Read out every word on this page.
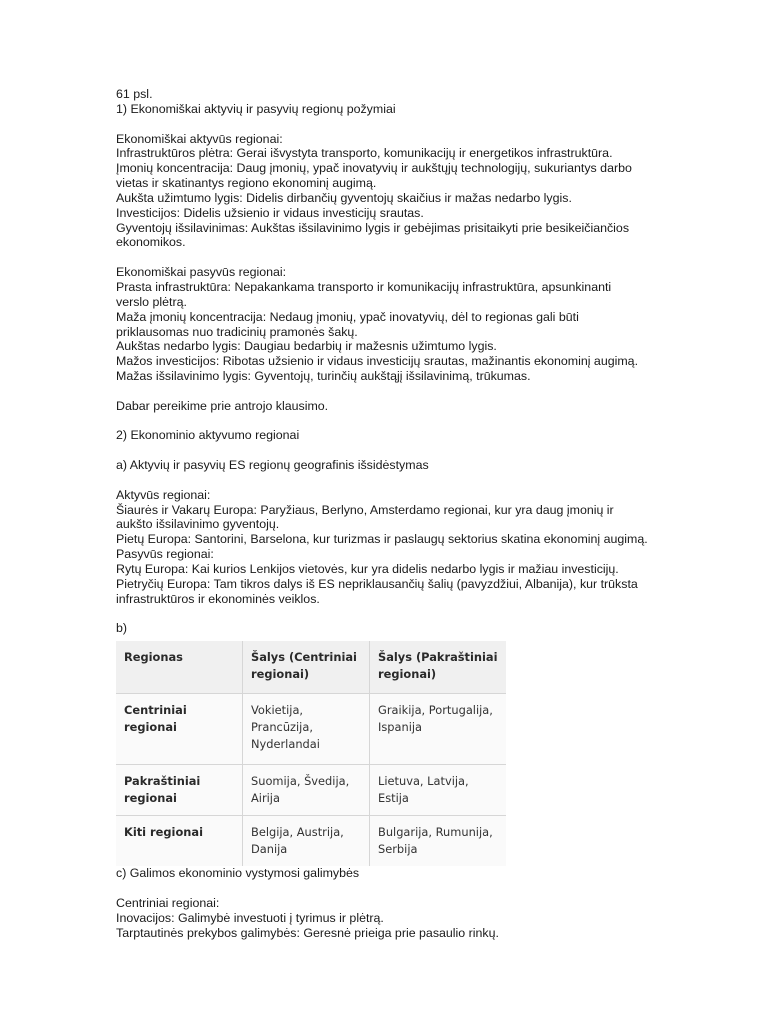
61 psl.
1) Ekonomiškai aktyvių ir pasyvių regionų požymiai
Ekonomiškai aktyvūs regionai:
Infrastruktūros plėtra: Gerai išvystyta transporto, komunikacijų ir energetikos infrastruktūra.
Įmonių koncentracija: Daug įmonių, ypač inovatyvių ir aukštųjų technologijų, sukuriantys darbo vietas ir skatinantys regiono ekonominį augimą.
Aukšta užimtumo lygis: Didelis dirbančių gyventojų skaičius ir mažas nedarbo lygis.
Investicijos: Didelis užsienio ir vidaus investicijų srautas.
Gyventojų išsilavinimas: Aukštas išsilavinimo lygis ir gebėjimas prisitaikyti prie besikeičiančios ekonomikos.
Ekonomiškai pasyvūs regionai:
Prasta infrastruktūra: Nepakankama transporto ir komunikacijų infrastruktūra, apsunkinanti verslo plėtrą.
Maža įmonių koncentracija: Nedaug įmonių, ypač inovatyvių, dėl to regionas gali būti priklausomas nuo tradicinių pramonės šakų.
Aukštas nedarbo lygis: Daugiau bedarbių ir mažesnis užimtumo lygis.
Mažos investicijos: Ribotas užsienio ir vidaus investicijų srautas, mažinantis ekonominį augimą.
Mažas išsilavinimo lygis: Gyventojų, turinčių aukštąjį išsilavinimą, trūkumas.
Dabar pereikime prie antrojo klausimo.
2) Ekonominio aktyvumo regionai
a) Aktyvių ir pasyvių ES regionų geografinis išsidėstymas
Aktyvūs regionai:
Šiaurės ir Vakarų Europa: Paryžiaus, Berlyno, Amsterdamo regionai, kur yra daug įmonių ir aukšto išsilavinimo gyventojų.
Pietų Europa: Santorini, Barselona, kur turizmas ir paslaugų sektorius skatina ekonominį augimą.
Pasyvūs regionai:
Rytų Europa: Kai kurios Lenkijos vietovės, kur yra didelis nedarbo lygis ir mažiau investicijų.
Pietryčių Europa: Tam tikros dalys iš ES nepriklausančių šalių (pavyzdžiui, Albanija), kur trūksta infrastruktūros ir ekonominės veiklos.
b)
Regionas	Šalys (Centriniai regionai)	Šalys (Pakraštiniai regionai)
Centriniai regionai	Vokietija, Prancūzija, Nyderlandai	Graikija, Portugalija, Ispanija
Pakraštiniai regionai	Suomija, Švedija, Airija	Lietuva, Latvija, Estija
Kiti regionai	Belgija, Austrija, Danija	Bulgarija, Rumunija, Serbija
c) Galimos ekonominio vystymosi galimybės
Centriniai regionai:
Inovacijos: Galimybė investuoti į tyrimus ir plėtrą.
Tarptautinės prekybos galimybės: Geresnė prieiga prie pasaulio rinkų.
